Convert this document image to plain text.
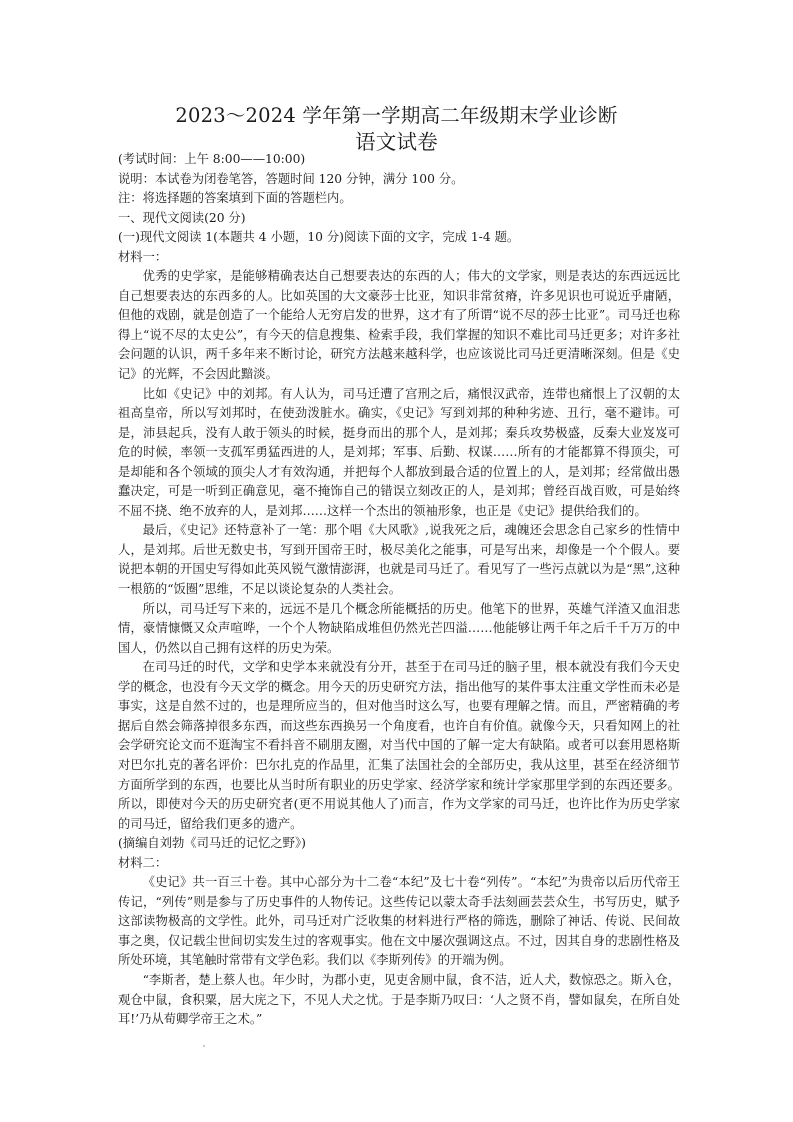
2023～2024 学年第一学期高二年级期末学业诊断
语文试卷
(考试时间：上午 8:00——10:00)
说明：本试卷为闭卷笔答，答题时间 120 分钟，满分 100 分。
注：将选择题的答案填到下面的答题栏内。
一、现代文阅读(20 分)
(一)现代文阅读 1(本题共 4 小题，10 分)阅读下面的文字，完成 1-4 题。
材料一：

优秀的史学家，是能够精确表达自己想要表达的东西的人；伟大的文学家，则是表达的东西远远比自己想要表达的东西多的人。比如英国的大文豪莎士比亚，知识非常贫瘠，许多见识也可说近乎庸陋，但他的戏剧，就是创造了一个能给人无穷启发的世界，这才有了所谓“说不尽的莎士比亚”。司马迁也称得上“说不尽的太史公”，有今天的信息搜集、检索手段，我们掌握的知识不难比司马迁更多；对许多社会问题的认识，两千多年来不断讨论，研究方法越来越科学，也应该说比司马迁更清晰深刻。但是《史记》的光辉，不会因此黯淡。

比如《史记》中的刘邦。有人认为，司马迁遭了宫刑之后，痛恨汉武帝，连带也痛恨上了汉朝的太祖高皇帝，所以写刘邦时，在使劲泼脏水。确实，《史记》写到刘邦的种种劣迹、丑行，毫不避讳。可是，沛县起兵，没有人敢于领头的时候，挺身而出的那个人，是刘邦；秦兵攻势极盛，反秦大业岌岌可危的时候，率领一支孤军勇猛西进的人，是刘邦；军事、后勤、权谋……所有的才能都算不得顶尖，可是却能和各个领域的顶尖人才有效沟通，并把每个人都放到最合适的位置上的人，是刘邦；经常做出愚蠢决定，可是一听到正确意见，毫不掩饰自己的错误立刻改正的人，是刘邦；曾经百战百败，可是始终不屈不挠、绝不放弃的人，是刘邦……这样一个杰出的领袖形象，也正是《史记》提供给我们的。

最后，《史记》还特意补了一笔：那个唱《大风歌》,说我死之后，魂魄还会思念自己家乡的性情中人，是刘邦。后世无数史书，写到开国帝王时，极尽美化之能事，可是写出来，却像是一个个假人。要说把本朝的开国史写得如此英风锐气激情澎湃，也就是司马迁了。看见写了一些污点就以为是“黑”,这种一根筋的“饭圈”思维，不足以谈论复杂的人类社会。

所以，司马迁写下来的，远远不是几个概念所能概括的历史。他笔下的世界，英雄气洋渣又血泪悲情，豪情慷慨又众声喧哗，一个个人物缺陷成堆但仍然光芒四溢……他能够让两千年之后千千万万的中国人，仍然以自己拥有这样的历史为荣。

在司马迁的时代，文学和史学本来就没有分开，甚至于在司马迁的脑子里，根本就没有我们今天史学的概念，也没有今天文学的概念。用今天的历史研究方法，指出他写的某件事太注重文学性而未必是事实，这是自然不过的，也是理所应当的，但对他当时这么写，也要有理解之情。而且，严密精确的考据后自然会筛落掉很多东西，而这些东西换另一个角度看，也许自有价值。就像今天，只看知网上的社会学研究论文而不逛淘宝不看抖音不刷朋友圈，对当代中国的了解一定大有缺陷。或者可以套用恩格斯对巴尔扎克的著名评价：巴尔扎克的作品里，汇集了法国社会的全部历史，我从这里，甚至在经济细节方面所学到的东西，也要比从当时所有职业的历史学家、经济学家和统计学家那里学到的东西还要多。所以，即使对今天的历史研究者(更不用说其他人了)而言，作为文学家的司马迁，也许比作为历史学家的司马迁，留给我们更多的遗产。

(摘编自刘勃《司马迁的记忆之野》)
材料二：

《史记》共一百三十卷。其中心部分为十二卷“本纪”及七十卷“列传”。“本纪”为贵帝以后历代帝王传记，“列传”则是参与了历史事件的人物传记。这些传记以蒙太奇手法刻画芸芸众生，书写历史，赋予这部读物极高的文学性。此外，司马迁对广泛收集的材料进行严格的筛选，删除了神话、传说、民间故事之奥，仅记载尘世间切实发生过的客观事实。他在文中屡次强调这点。不过，因其自身的悲剧性格及所处环境，其笔触时常带有文学色彩。我们以《李斯列传》的开端为例。

“李斯者，楚上蔡人也。年少时，为郡小吏，见吏舍厕中鼠，食不洁，近人犬，数惊恐之。斯入仓，观仓中鼠，食积粟，居大庑之下，不见人犬之忧。于是李斯乃叹曰：‘人之贤不肖，譬如鼠矣，在所自处耳!’乃从荀卿学帝王之术。”
